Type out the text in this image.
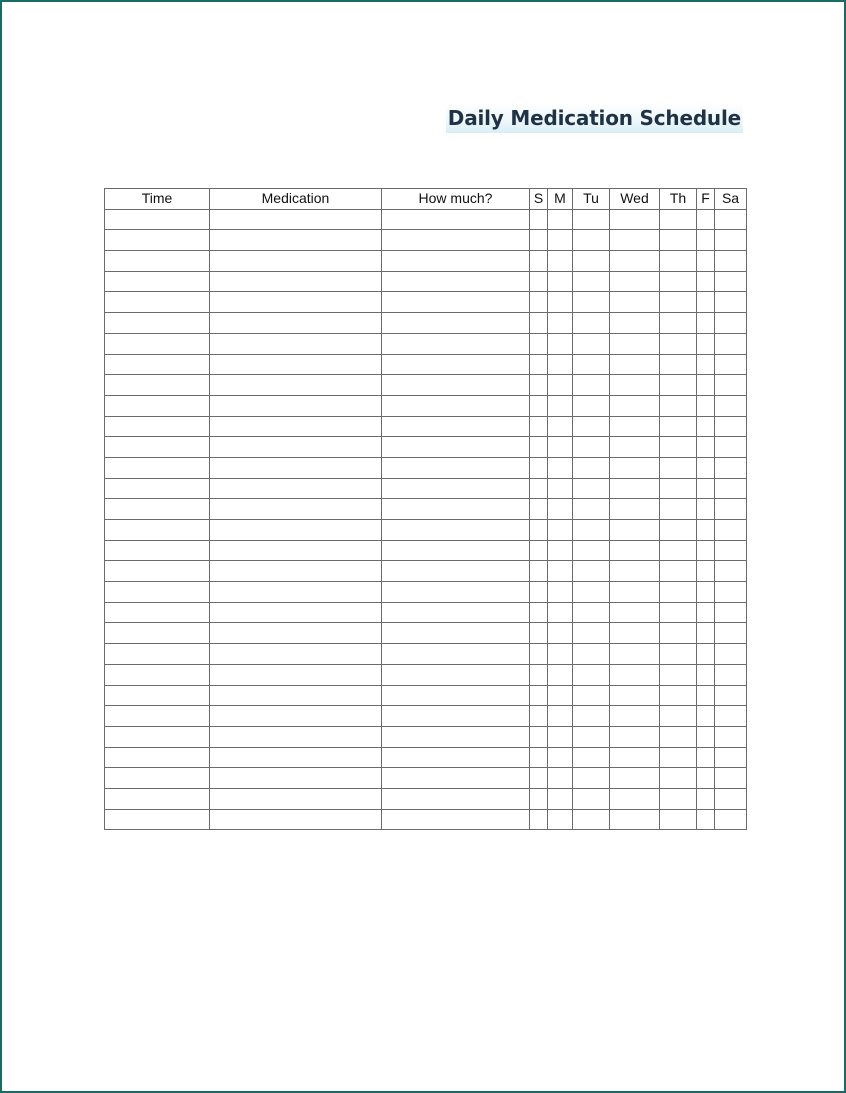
Daily Medication Schedule
Time	Medication	How much?	S	M	Tu	Wed	Th	F	Sa
